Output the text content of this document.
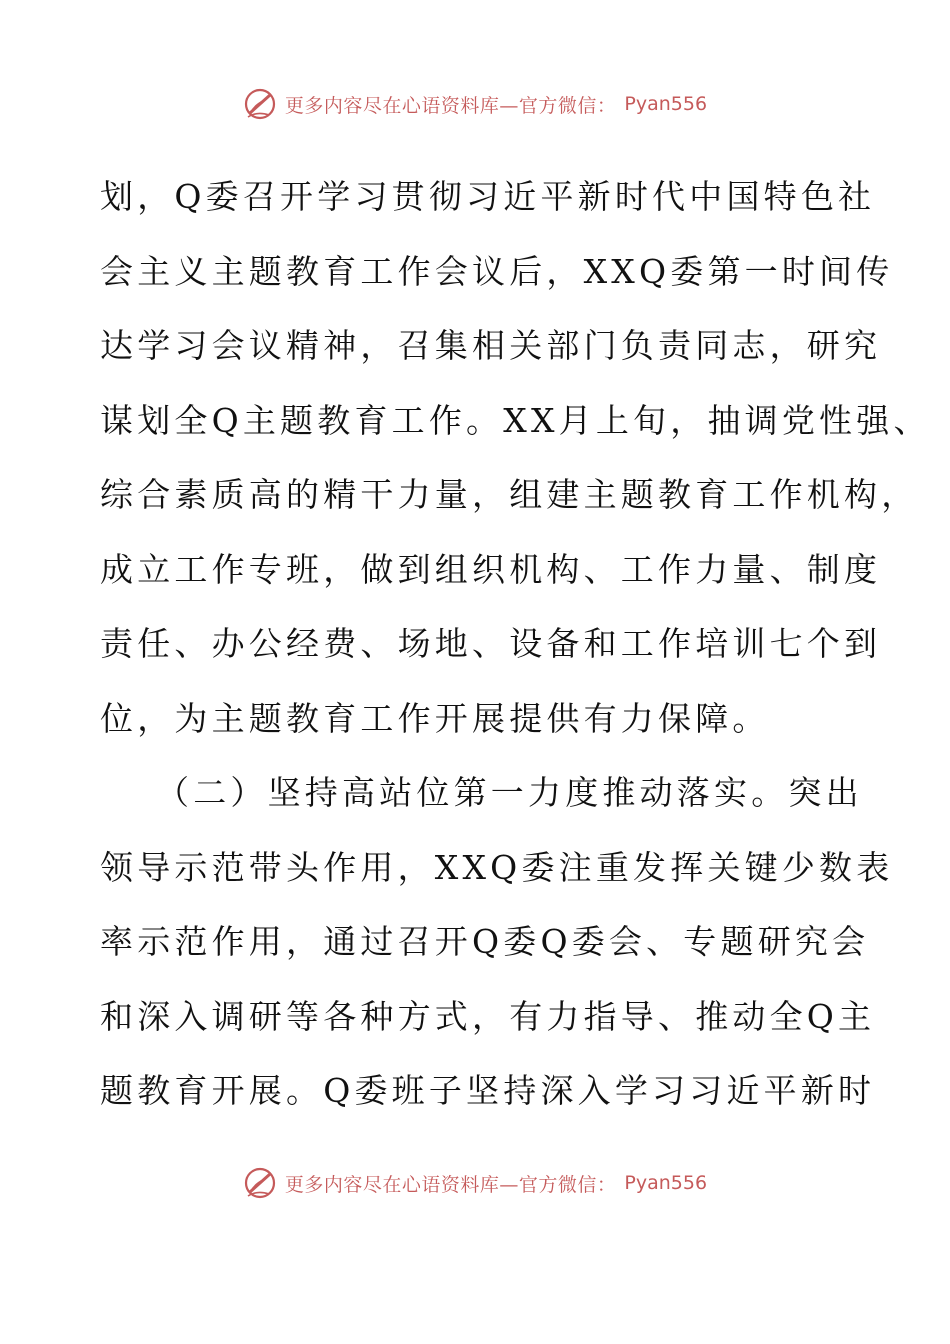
更多内容尽在心语资料库—官方微信： Pyan556
划，Q委召开学习贯彻习近平新时代中国特色社
会主义主题教育工作会议后，XXQ委第一时间传
达学习会议精神，召集相关部门负责同志，研究
谋划全Q主题教育工作。XX月上旬，抽调党性强、
综合素质高的精干力量，组建主题教育工作机构，
成立工作专班，做到组织机构、工作力量、制度
责任、办公经费、场地、设备和工作培训七个到
位，为主题教育工作开展提供有力保障。
（二）坚持高站位第一力度推动落实。突出
领导示范带头作用，XXQ委注重发挥关键少数表
率示范作用，通过召开Q委Q委会、专题研究会
和深入调研等各种方式，有力指导、推动全Q主
题教育开展。Q委班子坚持深入学习习近平新时
更多内容尽在心语资料库—官方微信： Pyan556
